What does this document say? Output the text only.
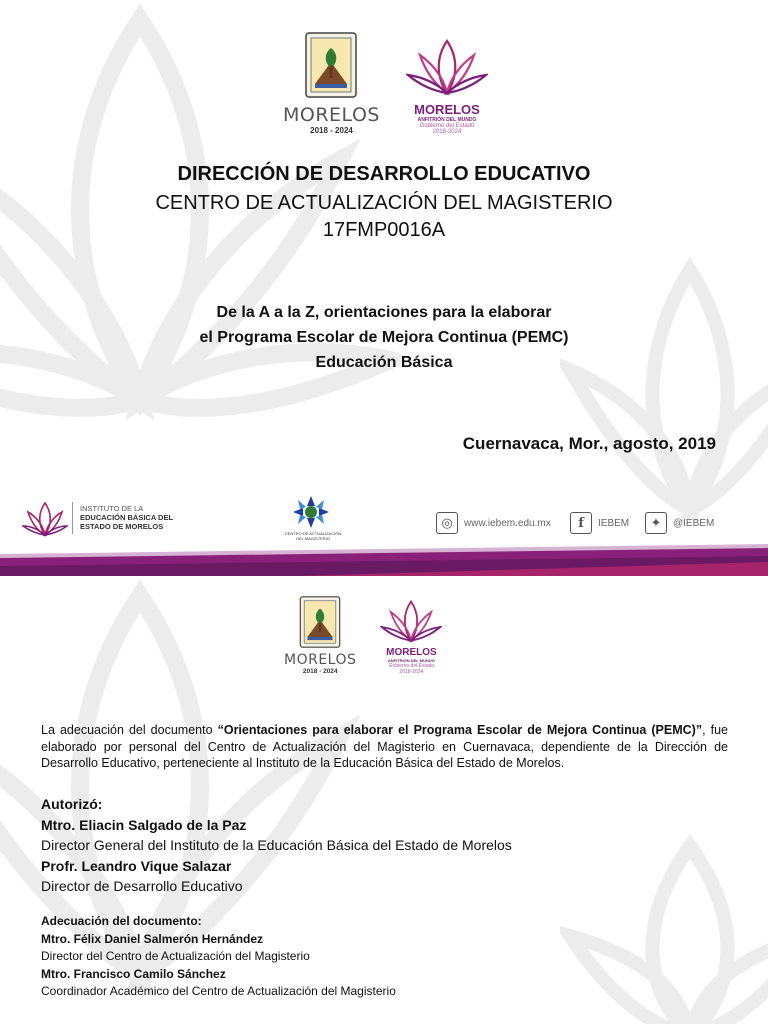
MORELOS
2018 - 2024
MORELOS
ANFITRIÓN DEL MUNDO
Gobierno del Estado
2018-2024
DIRECCIÓN DE DESARROLLO EDUCATIVO
CENTRO DE ACTUALIZACIÓN DEL MAGISTERIO
17FMP0016A
De la A a la Z, orientaciones para la elaborar
el Programa Escolar de Mejora Continua (PEMC)
Educación Básica
Cuernavaca, Mor., agosto, 2019
INSTITUTO DE LA
EDUCACIÓN BÁSICA DEL
ESTADO DE MORELOS
CENTRO DE ACTUALIZACIÓN
DEL MAGISTERIO
◎	www.iebem.edu.mx	f	IEBEM	✦	@IEBEM
MORELOS
2018 - 2024
MORELOS
ANFITRIÓN DEL MUNDO
Gobierno del Estado
2018-2024

La adecuación del documento “Orientaciones para elaborar el Programa Escolar de Mejora Continua (PEMC)”, fue elaborado por personal del Centro de Actualización del Magisterio en Cuernavaca, dependiente de la Dirección de Desarrollo Educativo, perteneciente al Instituto de la Educación Básica del Estado de Morelos.

Autorizó:
Mtro. Eliacin Salgado de la Paz
Director General del Instituto de la Educación Básica del Estado de Morelos
Profr. Leandro Vique Salazar
Director de Desarrollo Educativo
Adecuación del documento:
Mtro. Félix Daniel Salmerón Hernández
Director del Centro de Actualización del Magisterio
Mtro. Francisco Camilo Sánchez
Coordinador Académico del Centro de Actualización del Magisterio
